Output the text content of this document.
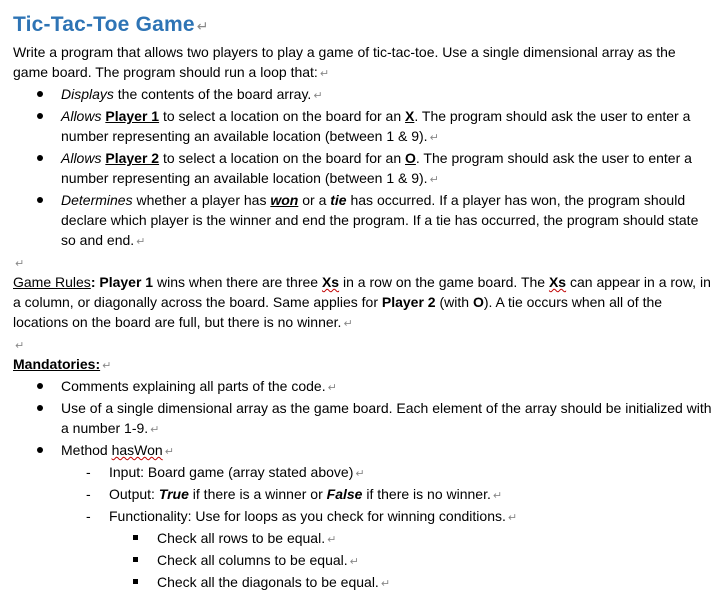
Tic-Tac-Toe Game ↵

Write a program that allows two players to play a game of tic-tac-toe. Use a single dimensional array as the game board. The program should run a loop that: ↵

Displays the contents of the board array. ↵
Allows Player 1 to select a location on the board for an X. The program should ask the user to enter a number representing an available location (between 1 & 9). ↵
Allows Player 2 to select a location on the board for an O. The program should ask the user to enter a number representing an available location (between 1 & 9). ↵
Determines whether a player has won or a tie has occurred. If a player has won, the program should declare which player is the winner and end the program. If a tie has occurred, the program should state so and end. ↵
↵

Game Rules: Player 1 wins when there are three Xs in a row on the game board. The Xs can appear in a row, in a column, or diagonally across the board. Same applies for Player 2 (with O). A tie occurs when all of the locations on the board are full, but there is no winner. ↵

↵

Mandatories: ↵

Comments explaining all parts of the code. ↵
Use of a single dimensional array as the game board. Each element of the array should be initialized with a number 1-9. ↵
Method hasWon ↵
- Input: Board game (array stated above) ↵
- Output: True if there is a winner or False if there is no winner. ↵
- Functionality: Use for loops as you check for winning conditions. ↵
Check all rows to be equal. ↵
Check all columns to be equal. ↵
Check all the diagonals to be equal. ↵
